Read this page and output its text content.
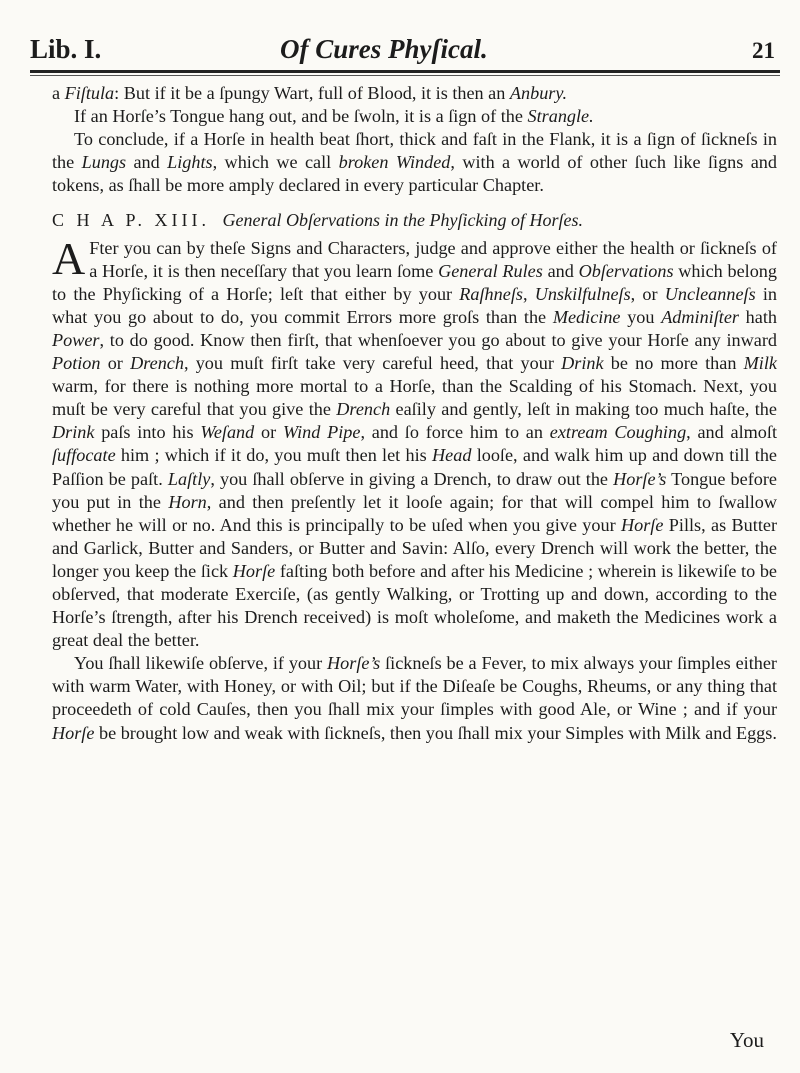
Lib. I.	Of Cures Phyſical.	21

a Fiſtula: But if it be a ſpungy Wart, full of Blood, it is then an Anbury.

If an Horſe’s Tongue hang out, and be ſwoln, it is a ſign of the Strangle.

To conclude, if a Horſe in health beat ſhort, thick and faſt in the Flank, it is a ſign of ſickneſs in the Lungs and Lights, which we call broken Winded, with a world of other ſuch like ſigns and tokens, as ſhall be more amply declared in every particular Chapter.

C H A P. XIII. General Obſervations in the Phyſicking of Horſes.

A Fter you can by theſe Signs and Characters, judge and approve either the health or ſickneſs of a Horſe, it is then neceſſary that you learn ſome General Rules and Obſervations which belong to the Phyſicking of a Horſe; leſt that either by your Raſhneſs, Unskilfulneſs, or Uncleanneſs in what you go about to do, you commit Errors more groſs than the Medicine you Adminiſter hath Power, to do good. Know then firſt, that whenſoever you go about to give your Horſe any inward Potion or Drench, you muſt firſt take very careful heed, that your Drink be no more than Milk warm, for there is nothing more mortal to a Horſe, than the Scalding of his Stomach. Next, you muſt be very careful that you give the Drench eaſily and gently, leſt in making too much haſte, the Drink paſs into his Weſand or Wind Pipe, and ſo force him to an extream Coughing, and almoſt ſuffocate him ; which if it do, you muſt then let his Head looſe, and walk him up and down till the Paſſion be paſt. Laſtly, you ſhall obſerve in giving a Drench, to draw out the Horſe’s Tongue before you put in the Horn, and then preſently let it looſe again; for that will compel him to ſwallow whether he will or no. And this is principally to be uſed when you give your Horſe Pills, as Butter and Garlick, Butter and Sanders, or Butter and Savin: Alſo, every Drench will work the better, the longer you keep the ſick Horſe faſting both before and after his Medicine ; wherein is likewiſe to be obſerved, that moderate Exerciſe, (as gently Walking, or Trotting up and down, according to the Horſe’s ſtrength, after his Drench received) is moſt wholeſome, and maketh the Medicines work a great deal the better.

You ſhall likewiſe obſerve, if your Horſe’s ſickneſs be a Fever, to mix always your ſimples either with warm Water, with Honey, or with Oil; but if the Diſeaſe be Coughs, Rheums, or any thing that proceedeth of cold Cauſes, then you ſhall mix your ſimples with good Ale, or Wine ; and if your Horſe be brought low and weak with ſickneſs, then you ſhall mix your Simples with Milk and Eggs.

You
